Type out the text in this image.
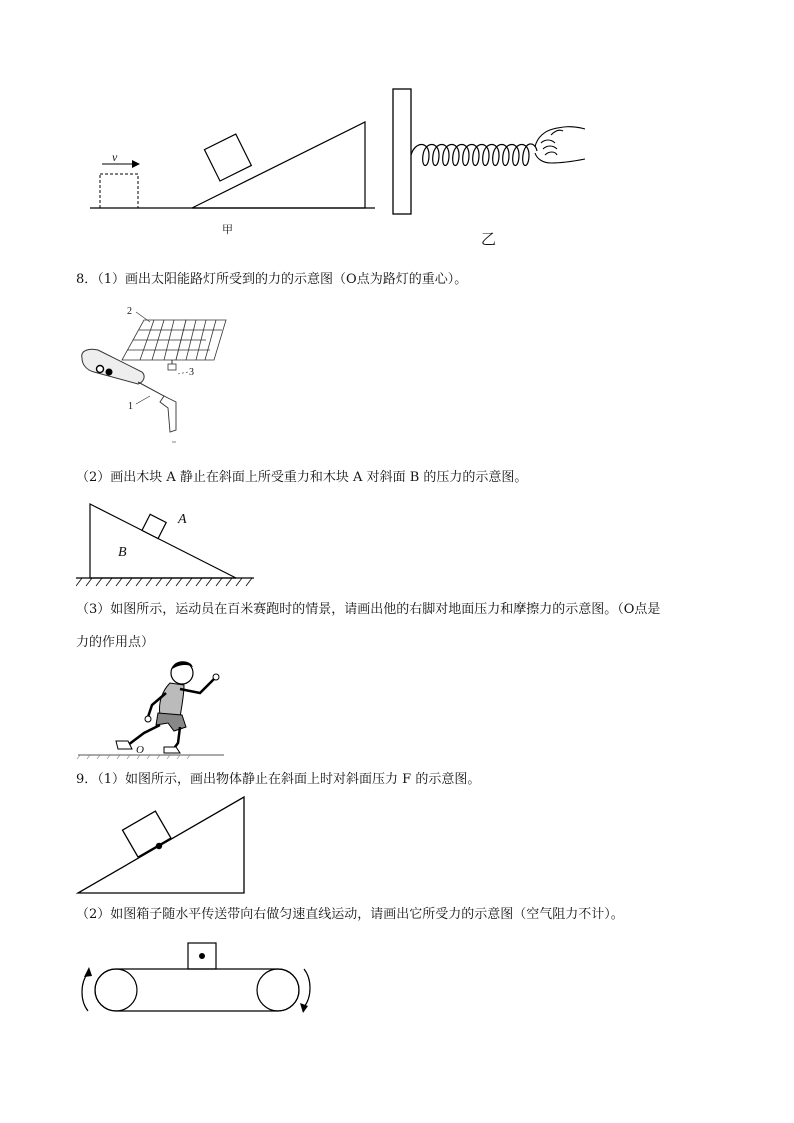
v
甲
乙
8．（1）画出太阳能路灯所受到的力的示意图（O点为路灯的重心）。
2
3
1
（2）画出木块 A 静止在斜面上所受重力和木块 A 对斜面 B 的压力的示意图。
A
B
（3）如图所示，运动员在百米赛跑时的情景，请画出他的右脚对地面压力和摩擦力的示意图。（O点是
力的作用点）
O
9．（1）如图所示，画出物体静止在斜面上时对斜面压力 F 的示意图。
（2）如图箱子随水平传送带向右做匀速直线运动，请画出它所受力的示意图（空气阻力不计）。
